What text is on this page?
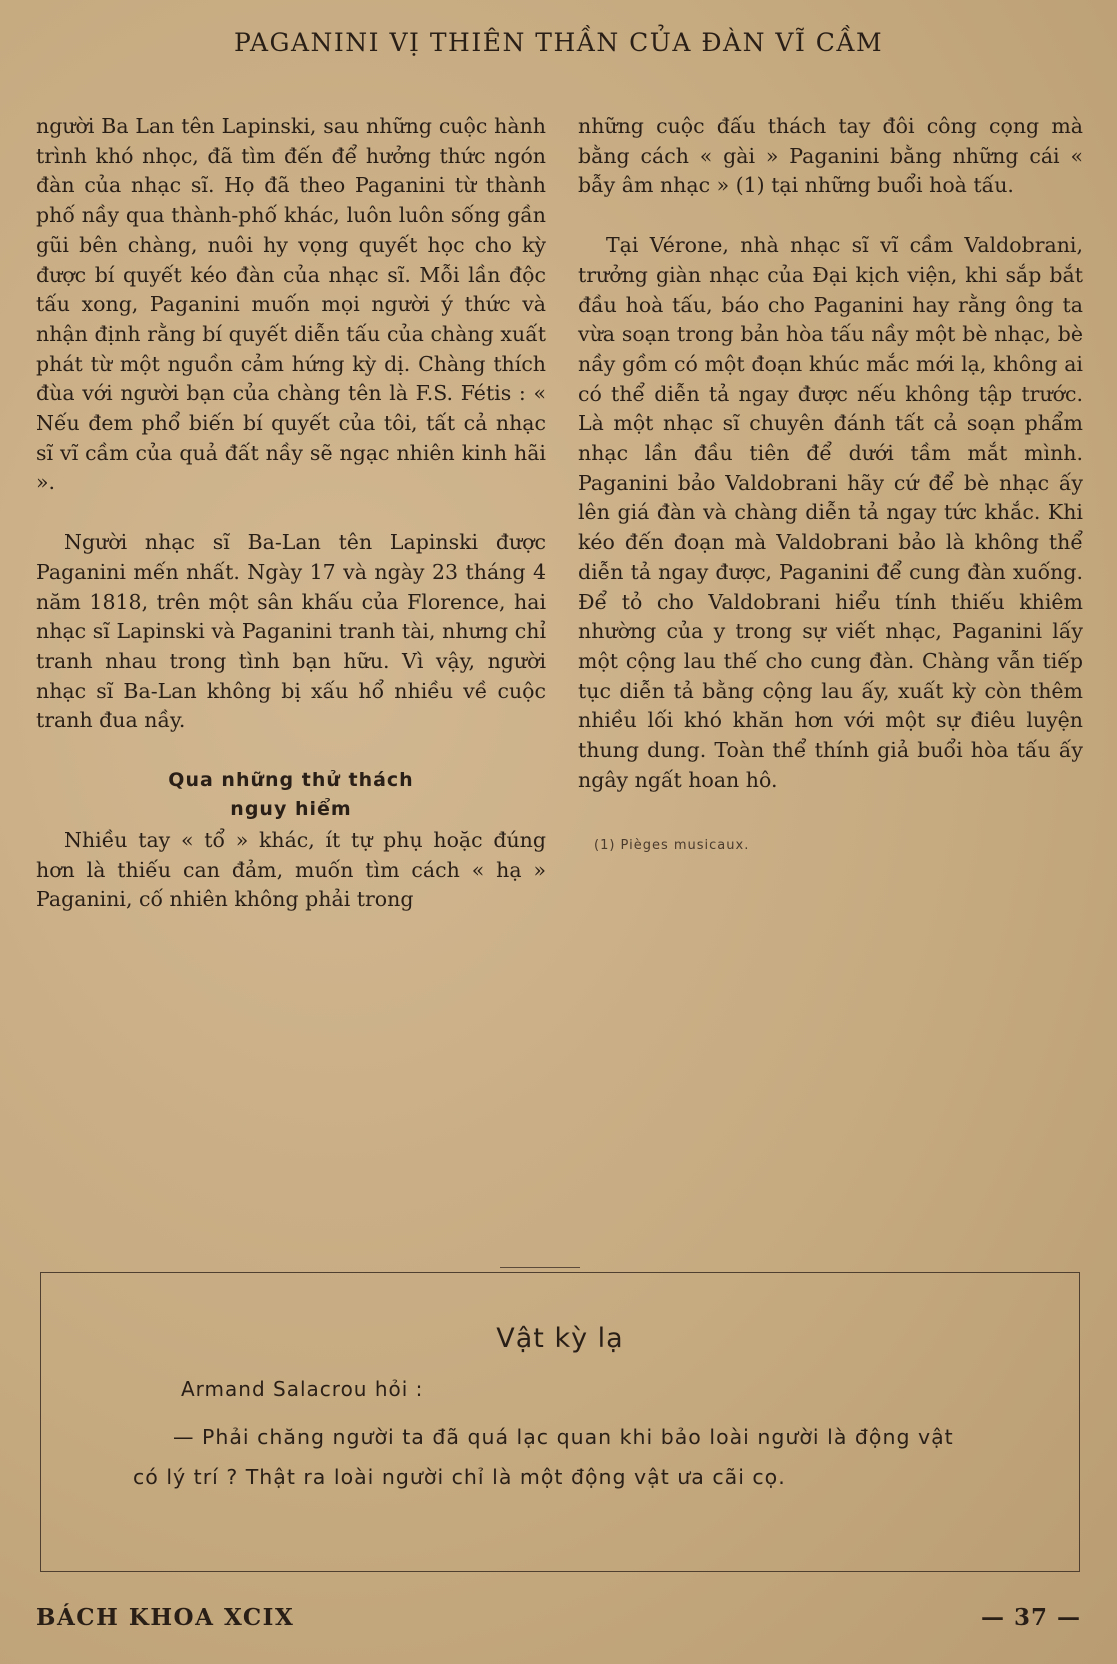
PAGANINI VỊ THIÊN THẦN CỦA ĐÀN VĨ CẦM

người Ba Lan tên Lapinski, sau những cuộc hành trình khó nhọc, đã tìm đến để hưởng thức ngón đàn của nhạc sĩ. Họ đã theo Paganini từ thành phố nầy qua thành-phố khác, luôn luôn sống gần gũi bên chàng, nuôi hy vọng quyết học cho kỳ được bí quyết kéo đàn của nhạc sĩ. Mỗi lần độc tấu xong, Paganini muốn mọi người ý thức và nhận định rằng bí quyết diễn tấu của chàng xuất phát từ một nguồn cảm hứng kỳ dị. Chàng thích đùa với người bạn của chàng tên là F.S. Fétis : « Nếu đem phổ biến bí quyết của tôi, tất cả nhạc sĩ vĩ cầm của quả đất nầy sẽ ngạc nhiên kinh hãi ».

Người nhạc sĩ Ba-Lan tên Lapinski được Paganini mến nhất. Ngày 17 và ngày 23 tháng 4 năm 1818, trên một sân khấu của Florence, hai nhạc sĩ Lapinski và Paganini tranh tài, nhưng chỉ tranh nhau trong tình bạn hữu. Vì vậy, người nhạc sĩ Ba-Lan không bị xấu hổ nhiều về cuộc tranh đua nầy.

Qua những thử thách
nguy hiểm

Nhiều tay « tổ » khác, ít tự phụ hoặc đúng hơn là thiếu can đảm, muốn tìm cách « hạ » Paganini, cố nhiên không phải trong

những cuộc đấu thách tay đôi công cọng mà bằng cách « gài » Paganini bằng những cái « bẫy âm nhạc » (1) tại những buổi hoà tấu.

Tại Vérone, nhà nhạc sĩ vĩ cầm Valdobrani, trưởng giàn nhạc của Đại kịch viện, khi sắp bắt đầu hoà tấu, báo cho Paganini hay rằng ông ta vừa soạn trong bản hòa tấu nầy một bè nhạc, bè nầy gồm có một đoạn khúc mắc mới lạ, không ai có thể diễn tả ngay được nếu không tập trước. Là một nhạc sĩ chuyên đánh tất cả soạn phẩm nhạc lần đầu tiên để dưới tầm mắt mình. Paganini bảo Valdobrani hãy cứ để bè nhạc ấy lên giá đàn và chàng diễn tả ngay tức khắc. Khi kéo đến đoạn mà Valdobrani bảo là không thể diễn tả ngay được, Paganini để cung đàn xuống. Để tỏ cho Valdobrani hiểu tính thiếu khiêm nhường của y trong sự viết nhạc, Paganini lấy một cộng lau thế cho cung đàn. Chàng vẫn tiếp tục diễn tả bằng cộng lau ấy, xuất kỳ còn thêm nhiều lối khó khăn hơn với một sự điêu luyện thung dung. Toàn thể thính giả buổi hòa tấu ấy ngây ngất hoan hô.

(1) Pièges musicaux.
Vật kỳ lạ
Armand Salacrou hỏi :
— Phải chăng người ta đã quá lạc quan khi bảo loài người là động vật có lý trí ? Thật ra loài người chỉ là một động vật ưa cãi cọ.
BÁCH KHOA XCIX	— 37 —
